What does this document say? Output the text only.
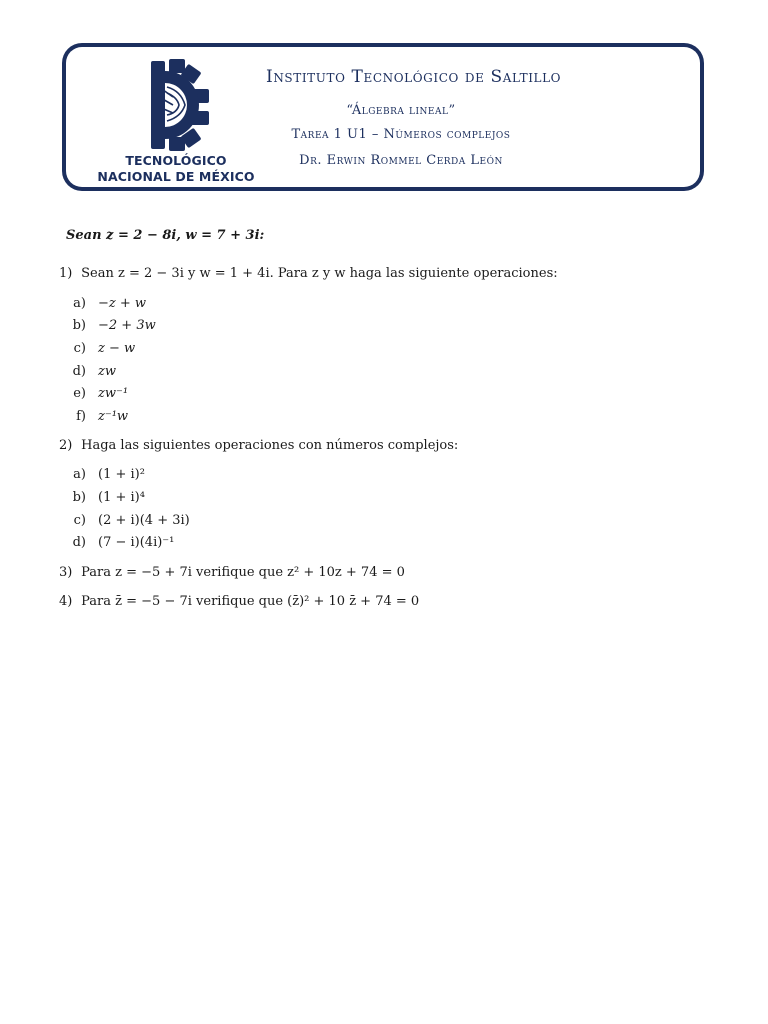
TECNOLÓGICO
NACIONAL DE MÉXICO
Instituto Tecnológico de Saltillo
“Álgebra lineal”
Tarea 1 U1 – Números complejos
Dr. Erwin Rommel Cerda León
Sean z = 2 − 8i, w = 7 + 3i:
1) Sean z = 2 − 3i y w = 1 + 4i. Para z y w haga las siguiente operaciones:
a) −z + w
b) −2 + 3w
c) z − w
d) zw
e) zw⁻¹
f) z⁻¹w
2) Haga las siguientes operaciones con números complejos:
a) (1 + i)²
b) (1 + i)⁴
c) (2 + i)(4 + 3i)
d) (7 − i)(4i)⁻¹
3) Para z = −5 + 7i verifique que z² + 10z + 74 = 0
4) Para z̄ = −5 − 7i verifique que (z̄)² + 10 z̄ + 74 = 0
